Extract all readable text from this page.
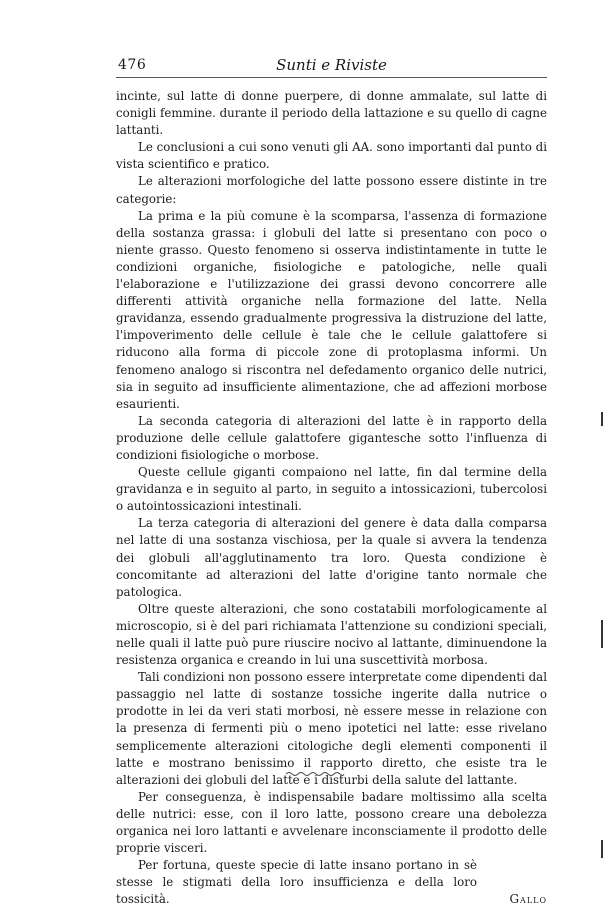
476	Sunti e Riviste

incinte, sul latte di donne puerpere, di donne ammalate, sul latte di conigli femmine. durante il periodo della lattazione e su quello di cagne lattanti.

Le conclusioni a cui sono venuti gli AA. sono importanti dal punto di vista scientifico e pratico.

Le alterazioni morfologiche del latte possono essere distinte in tre categorie:

La prima e la più comune è la scomparsa, l'assenza di formazione della sostanza grassa: i globuli del latte si presentano con poco o niente grasso. Questo fenomeno si osserva indistintamente in tutte le condizioni organiche, fisiologiche e patologiche, nelle quali l'elaborazione e l'utilizzazione dei grassi devono concorrere alle differenti attività organiche nella formazione del latte. Nella gravidanza, essendo gradualmente progressiva la distruzione del latte, l'impoverimento delle cellule è tale che le cellule galattofere si riducono alla forma di piccole zone di protoplasma informi. Un fenomeno analogo si riscontra nel defedamento organico delle nutrici, sia in seguito ad insufficiente alimentazione, che ad affezioni morbose esaurienti.

La seconda categoria di alterazioni del latte è in rapporto della produzione delle cellule galattofere gigantesche sotto l'influenza di condizioni fisiologiche o morbose.

Queste cellule giganti compaiono nel latte, fin dal termine della gravidanza e in seguito al parto, in seguito a intossicazioni, tubercolosi o autointossicazioni intestinali.

La terza categoria di alterazioni del genere è data dalla comparsa nel latte di una sostanza vischiosa, per la quale si avvera la tendenza dei globuli all'agglutinamento tra loro. Questa condizione è concomitante ad alterazioni del latte d'origine tanto normale che patologica.

Oltre queste alterazioni, che sono costatabili morfologicamente al microscopio, si è del pari richiamata l'attenzione su condizioni speciali, nelle quali il latte può pure riuscire nocivo al lattante, diminuendone la resistenza organica e creando in lui una suscettività morbosa.

Tali condizioni non possono essere interpretate come dipendenti dal passaggio nel latte di sostanze tossiche ingerite dalla nutrice o prodotte in lei da veri stati morbosi, nè essere messe in relazione con la presenza di fermenti più o meno ipotetici nel latte: esse rivelano semplicemente alterazioni citologiche degli elementi componenti il latte e mostrano benissimo il rapporto diretto, che esiste tra le alterazioni dei globuli del latte e i disturbi della salute del lattante.

Per conseguenza, è indispensabile badare moltissimo alla scelta delle nutrici: esse, con il loro latte, possono creare una debolezza organica nei loro lattanti e avvelenare inconsciamente il prodotto delle proprie visceri.

Per fortuna, queste specie di latte insano portano in sè stesse le stigmati della loro insufficienza e della loro tossicità.	Gallo
